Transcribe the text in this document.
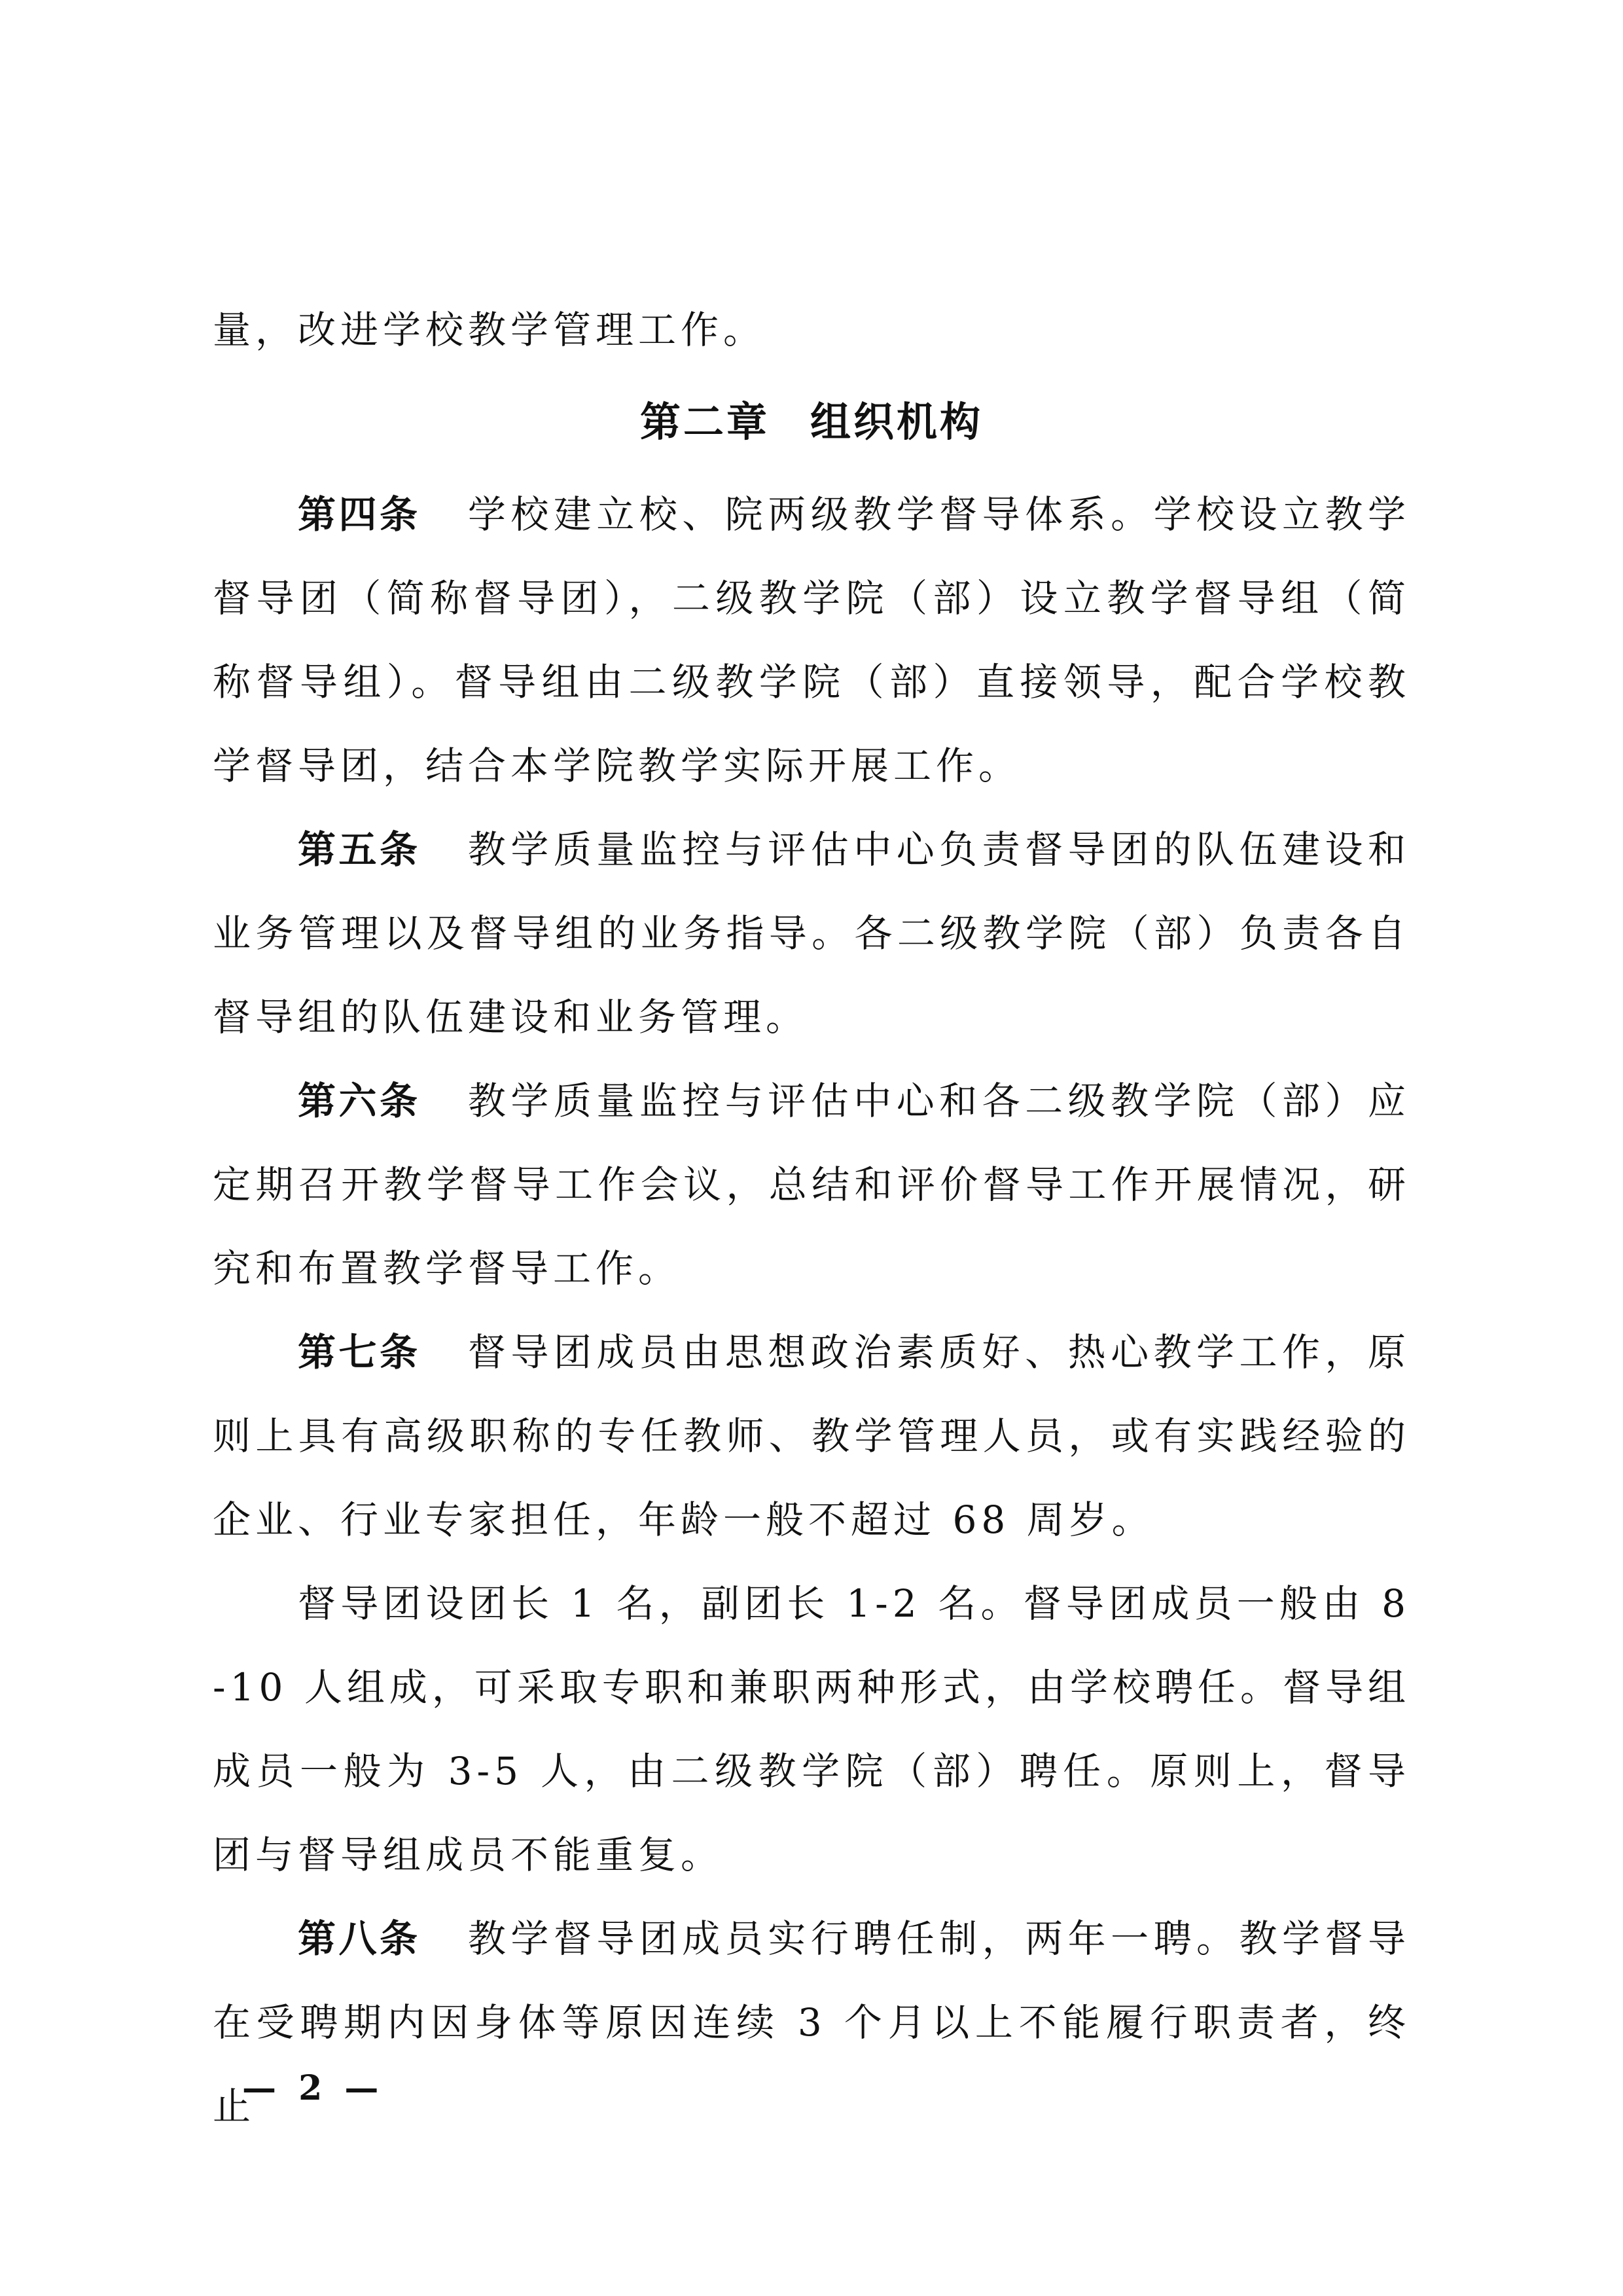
量，改进学校教学管理工作。

第二章 组织机构

第四条 学校建立校、院两级教学督导体系。学校设立教学督导团（简称督导团），二级教学院（部）设立教学督导组（简称督导组）。督导组由二级教学院（部）直接领导，配合学校教学督导团，结合本学院教学实际开展工作。

第五条 教学质量监控与评估中心负责督导团的队伍建设和业务管理以及督导组的业务指导。各二级教学院（部）负责各自督导组的队伍建设和业务管理。

第六条 教学质量监控与评估中心和各二级教学院（部）应定期召开教学督导工作会议，总结和评价督导工作开展情况，研究和布置教学督导工作。

第七条 督导团成员由思想政治素质好、热心教学工作，原则上具有高级职称的专任教师、教学管理人员，或有实践经验的企业、行业专家担任，年龄一般不超过 68 周岁。

督导团设团长 1 名，副团长 1-2 名。督导团成员一般由 8-10 人组成，可采取专职和兼职两种形式，由学校聘任。督导组成员一般为 3-5 人，由二级教学院（部）聘任。原则上，督导团与督导组成员不能重复。

第八条 教学督导团成员实行聘任制，两年一聘。教学督导在受聘期内因身体等原因连续 3 个月以上不能履行职责者，终止

— 2 —
